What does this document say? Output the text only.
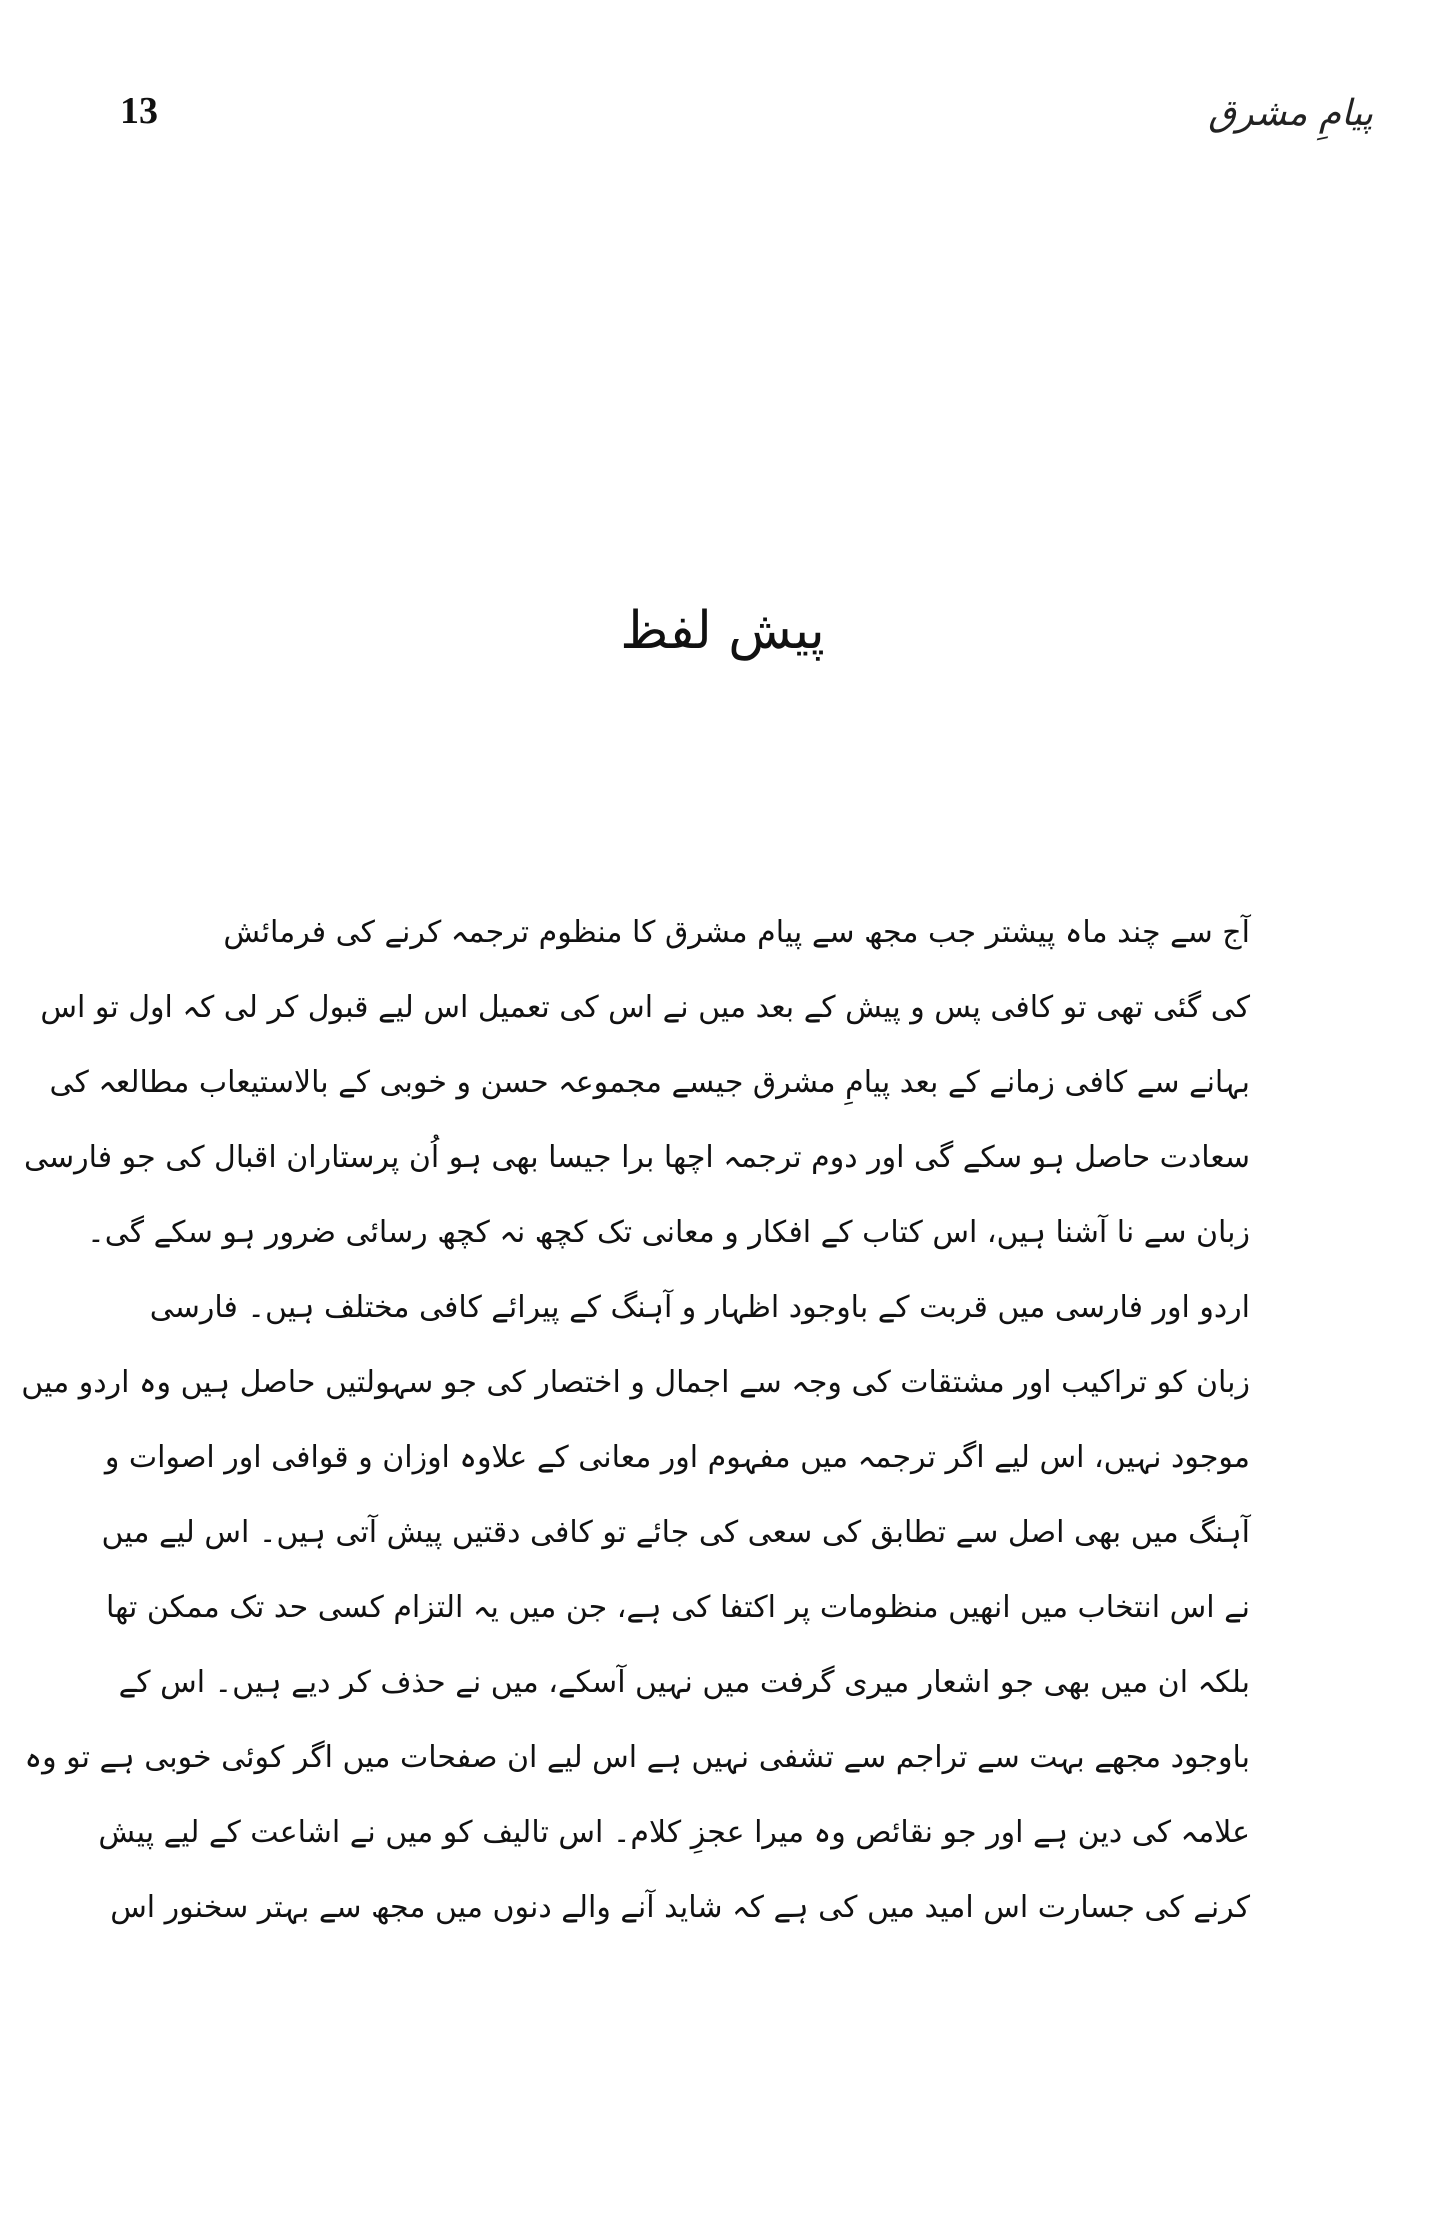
13	پیامِ مشرق
پیش لفظ
آج سے چند ماہ پیشتر جب مجھ سے پیام مشرق کا منظوم ترجمہ کرنے کی فرمائش
کی گئی تھی تو کافی پس و پیش کے بعد میں نے اس کی تعمیل اس لیے قبول کر لی کہ اول تو اس
بہانے سے کافی زمانے کے بعد پیامِ مشرق جیسے مجموعہ حسن و خوبی کے بالاستیعاب مطالعہ کی
سعادت حاصل ہو سکے گی اور دوم ترجمہ اچھا برا جیسا بھی ہو اُن پرستاران اقبال کی جو فارسی
زبان سے نا آشنا ہیں، اس کتاب کے افکار و معانی تک کچھ نہ کچھ رسائی ضرور ہو سکے گی۔
اردو اور فارسی میں قربت کے باوجود اظہار و آہنگ کے پیرائے کافی مختلف ہیں۔ فارسی
زبان کو تراکیب اور مشتقات کی وجہ سے اجمال و اختصار کی جو سہولتیں حاصل ہیں وہ اردو میں
موجود نہیں، اس لیے اگر ترجمہ میں مفہوم اور معانی کے علاوہ اوزان و قوافی اور اصوات و
آہنگ میں بھی اصل سے تطابق کی سعی کی جائے تو کافی دقتیں پیش آتی ہیں۔ اس لیے میں
نے اس انتخاب میں انھیں منظومات پر اکتفا کی ہے، جن میں یہ التزام کسی حد تک ممکن تھا
بلکہ ان میں بھی جو اشعار میری گرفت میں نہیں آسکے، میں نے حذف کر دیے ہیں۔ اس کے
باوجود مجھے بہت سے تراجم سے تشفی نہیں ہے اس لیے ان صفحات میں اگر کوئی خوبی ہے تو وہ
علامہ کی دین ہے اور جو نقائص وہ میرا عجزِ کلام۔ اس تالیف کو میں نے اشاعت کے لیے پیش
کرنے کی جسارت اس امید میں کی ہے کہ شاید آنے والے دنوں میں مجھ سے بہتر سخنور اس
